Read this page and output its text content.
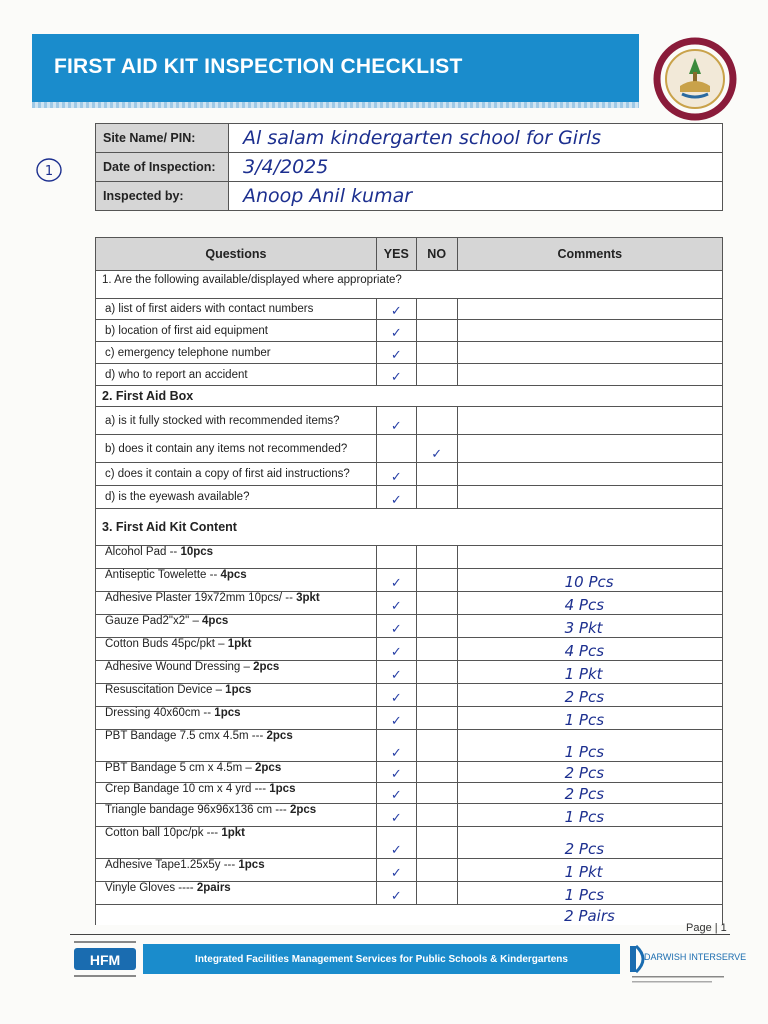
FIRST AID KIT INSPECTION CHECKLIST
1
Site Name/ PIN:	Al salam kindergarten school for Girls
Date of Inspection:	3/4/2025
Inspected by:	Anoop Anil kumar
Questions	YES	NO	Comments
1. Are the following available/displayed where appropriate?			
a) list of first aiders with contact numbers	✓		
b) location of first aid equipment	✓		
c) emergency telephone number	✓		
d) who to report an accident	✓		
2. First Aid Box			
a) is it fully stocked with recommended items?	✓		
b) does it contain any items not recommended?		✓	
c) does it contain a copy of first aid instructions?	✓		
d) is the eyewash available?	✓		
3. First Aid Kit Content			
Alcohol Pad -- 10pcs			
Antiseptic Towelette -- 4pcs	✓		10 Pcs
Adhesive Plaster 19x72mm 10pcs/ -- 3pkt	✓		4 Pcs
Gauze Pad2"x2" – 4pcs	✓		3 Pkt
Cotton Buds 45pc/pkt – 1pkt	✓		4 Pcs
Adhesive Wound Dressing – 2pcs	✓		1 Pkt
Resuscitation Device – 1pcs	✓		2 Pcs
Dressing 40x60cm -- 1pcs	✓		1 Pcs
PBT Bandage 7.5 cmx 4.5m --- 2pcs	✓		1 Pcs
PBT Bandage 5 cm x 4.5m – 2pcs	✓		2 Pcs
Crep Bandage 10 cm x 4 yrd --- 1pcs	✓		2 Pcs
Triangle bandage 96x96x136 cm --- 2pcs	✓		1 Pcs
Cotton ball 10pc/pk --- 1pkt	✓		2 Pcs
Adhesive Tape1.25x5y --- 1pcs	✓		1 Pkt
Vinyle Gloves ---- 2pairs	✓		1 Pcs
			2 Pairs
Page | 1
HFM	Integrated Facilities Management Services for Public Schools & Kindergartens	DARWISH INTERSERVE
